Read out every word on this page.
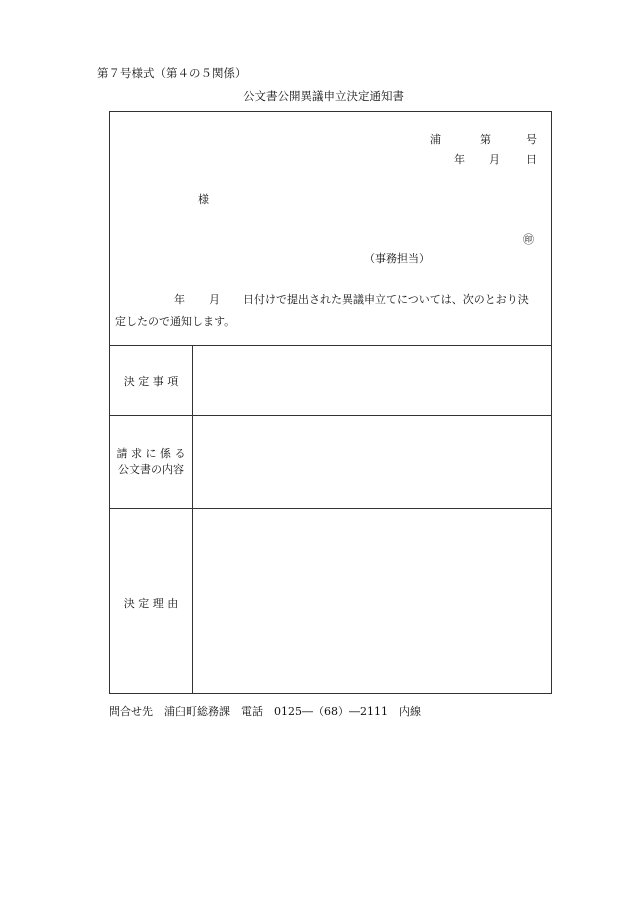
第７号様式（第４の５関係）
公文書公開異議申立決定通知書
浦	第	号
年 月 日
様
㊞
（事務担当）
年 月 日付けで提出された異議申立てについては、次のとおり決
定したので通知します。
決 定 事 項
請 求 に 係 る
公文書の内容
決 定 理 由
問合せ先　浦臼町総務課　電話　0125―（68）―2111　内線
